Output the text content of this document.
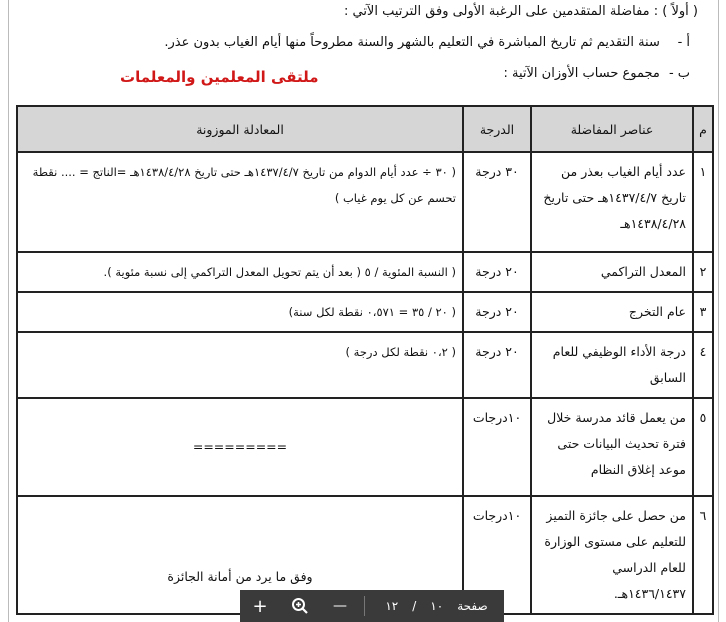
( أولاً ) : مفاضلة المتقدمين على الرغبة الأولى وفق الترتيب الآتي :
أ - سنة التقديم ثم تاريخ المباشرة في التعليم بالشهر والسنة مطروحاً منها أيام الغياب بدون عذر.
ب - مجموع حساب الأوزان الآتية :
ملتقى المعلمين والمعلمات
م	عناصر المفاضلة	الدرجة	المعادلة الموزونة
١	عدد أيام الغياب بعذر من تاريخ ١٤٣٧/٤/٧هـ حتى تاريخ ١٤٣٨/٤/٢٨هـ	٣٠ درجة	( ٣٠ ÷ عدد أيام الدوام من تاريخ ١٤٣٧/٤/٧هـ حتى تاريخ ١٤٣٨/٤/٢٨هـ =الناتج = .... نقطة تحسم عن كل يوم غياب )
٢	المعدل التراكمي	٢٠ درجة	( النسبة المئوية / ٥ ( بعد أن يتم تحويل المعدل التراكمي إلى نسبة مئوية ).
٣	عام التخرج	٢٠ درجة	( ٢٠ / ٣٥ = ٠،٥٧١ نقطة لكل سنة)
٤	درجة الأداء الوظيفي للعام السابق	٢٠ درجة	( ٠،٢ نقطة لكل درجة )
٥	من يعمل قائد مدرسة خلال فترة تحديث البيانات حتى موعد إغلاق النظام	١٠درجات	=========
٦	من حصل على جائزة التميز للتعليم على مستوى الوزارة للعام الدراسي ١٤٣٦/١٤٣٧هـ.	١٠درجات	وفق ما يرد من أمانة الجائزة
+	—	١٢ / ١٠ صفحة
